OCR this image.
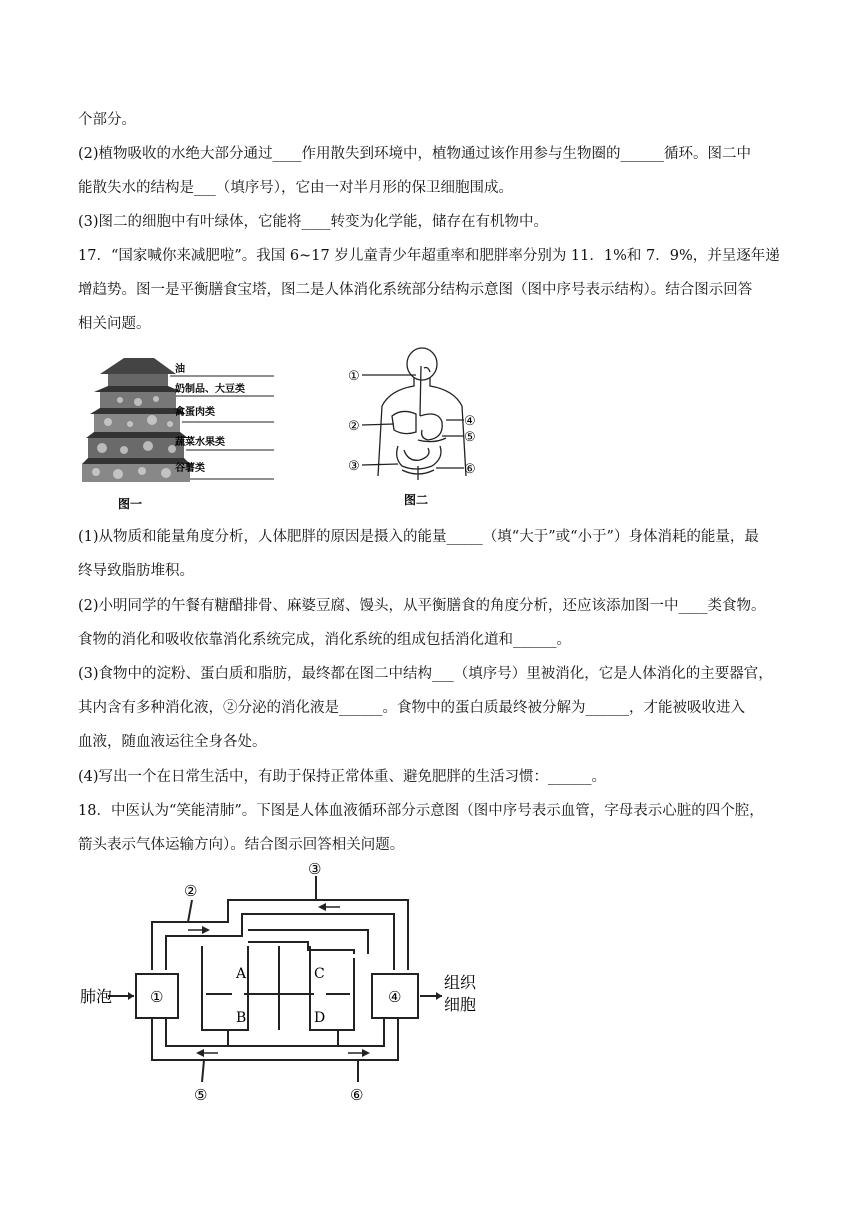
个部分。
(2)植物吸收的水绝大部分通过____作用散失到环境中，植物通过该作用参与生物圈的______循环。图二中
能散失水的结构是___（填序号），它由一对半月形的保卫细胞围成。
(3)图二的细胞中有叶绿体，它能将____转变为化学能，储存在有机物中。
17．“国家喊你来减肥啦”。我国 6~17 岁儿童青少年超重率和肥胖率分别为 11．1%和 7．9%，并呈逐年递
增趋势。图一是平衡膳食宝塔，图二是人体消化系统部分结构示意图（图中序号表示结构）。结合图示回答
相关问题。
(1)从物质和能量角度分析，人体肥胖的原因是摄入的能量_____（填“大于”或“小于”）身体消耗的能量，最
终导致脂肪堆积。
(2)小明同学的午餐有糖醋排骨、麻婆豆腐、馒头，从平衡膳食的角度分析，还应该添加图一中____类食物。
食物的消化和吸收依靠消化系统完成，消化系统的组成包括消化道和______。
(3)食物中的淀粉、蛋白质和脂肪，最终都在图二中结构___（填序号）里被消化，它是人体消化的主要器官，
其内含有多种消化液，②分泌的消化液是______。食物中的蛋白质最终被分解为______，才能被吸收进入
血液，随血液运往全身各处。
(4)写出一个在日常生活中，有助于保持正常体重、避免肥胖的生活习惯：______。
18．中医认为“笑能清肺”。下图是人体血液循环部分示意图（图中序号表示血管，字母表示心脏的四个腔，
箭头表示气体运输方向）。结合图示回答相关问题。
油
奶制品、大豆类
禽蛋肉类
蔬菜水果类
谷薯类
图一
①
②
③
④
⑤
⑥
图二
肺泡
组织
细胞
A
B
C
D
①
②
③
④
⑤	⑥
